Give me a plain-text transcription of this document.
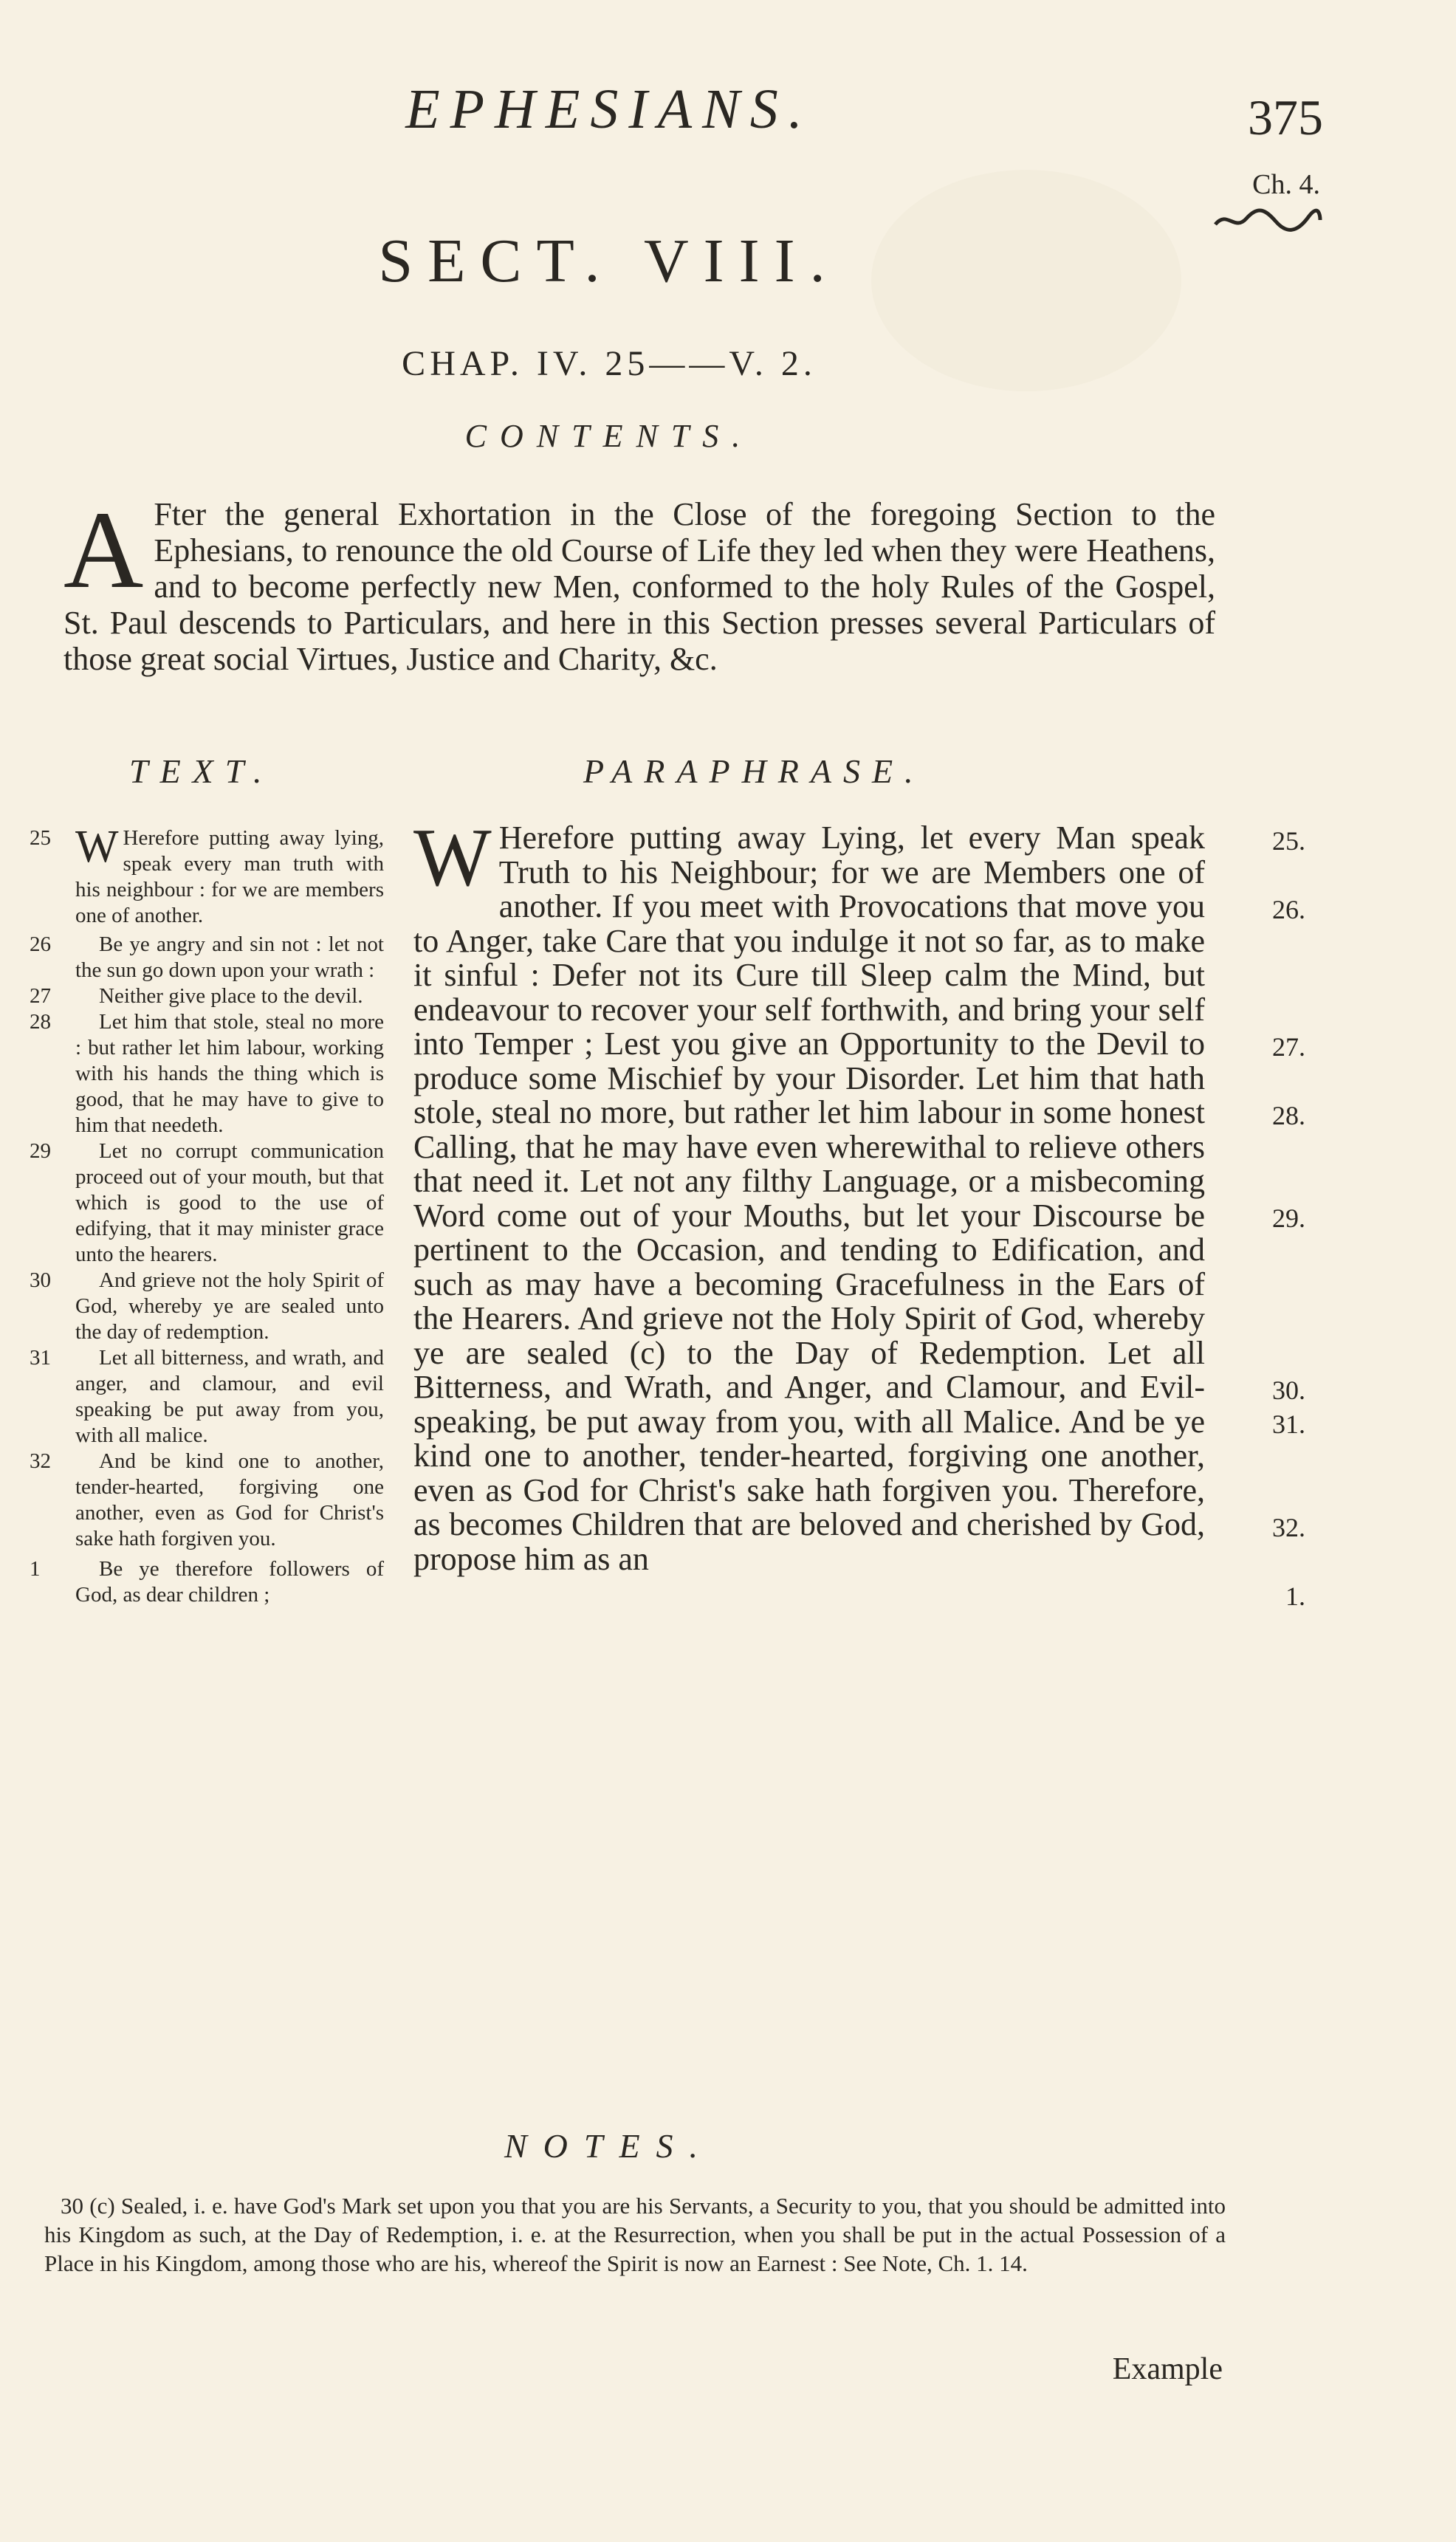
EPHESIANS.	375
Ch. 4.
SECT. VIII.
CHAP. IV. 25——V. 2.
CONTENTS.
A Fter the general Exhortation in the Close of the foregoing Section to the Ephesians, to renounce the old Course of Life they led when they were Heathens, and to become perfectly new Men, conformed to the holy Rules of the Gospel, St. Paul descends to Particulars, and here in this Section presses several Particulars of those great social Virtues, Justice and Charity, &c.
TEXT.	PARAPHRASE.
25 W Herefore putting away lying, speak every man truth with his neighbour : for we are members one of another.
26	Be ye angry and sin not : let not the sun go down upon your wrath :
27	Neither give place to the devil.
28	Let him that stole, steal no more : but rather let him labour, working with his hands the thing which is good, that he may have to give to him that needeth.
29	Let no corrupt communication proceed out of your mouth, but that which is good to the use of edifying, that it may minister grace unto the hearers.
30	And grieve not the holy Spirit of God, whereby ye are sealed unto the day of redemption.
31	Let all bitterness, and wrath, and anger, and clamour, and evil speaking be put away from you, with all malice.
32	And be kind one to another, tender-hearted, forgiving one another, even as God for Christ's sake hath forgiven you.
1	Be ye therefore followers of God, as dear children ;
W Herefore putting away Lying, let every Man speak Truth to his Neighbour; for we are Members one of another. If you meet with Provocations that move you to Anger, take Care that you indulge it not so far, as to make it sinful : Defer not its Cure till Sleep calm the Mind, but endeavour to recover your self forthwith, and bring your self into Temper ; Lest you give an Opportunity to the Devil to produce some Mischief by your Disorder. Let him that hath stole, steal no more, but rather let him labour in some honest Calling, that he may have even wherewithal to relieve others that need it. Let not any filthy Language, or a misbecoming Word come out of your Mouths, but let your Discourse be pertinent to the Occasion, and tending to Edification, and such as may have a becoming Gracefulness in the Ears of the Hearers. And grieve not the Holy Spirit of God, whereby ye are sealed (c) to the Day of Redemption. Let all Bitterness, and Wrath, and Anger, and Clamour, and Evil-speaking, be put away from you, with all Malice. And be ye kind one to another, tender-hearted, forgiving one another, even as God for Christ's sake hath forgiven you. Therefore, as becomes Children that are beloved and cherished by God, propose him as an
25.
26.
27.
28.
29.
30.
31.
32.
1.
NOTES.
30 (c) Sealed, i. e. have God's Mark set upon you that you are his Servants, a Security to you, that you should be admitted into his Kingdom as such, at the Day of Redemption, i. e. at the Resurrection, when you shall be put in the actual Possession of a Place in his Kingdom, among those who are his, whereof the Spirit is now an Earnest : See Note, Ch. 1. 14.
Example
